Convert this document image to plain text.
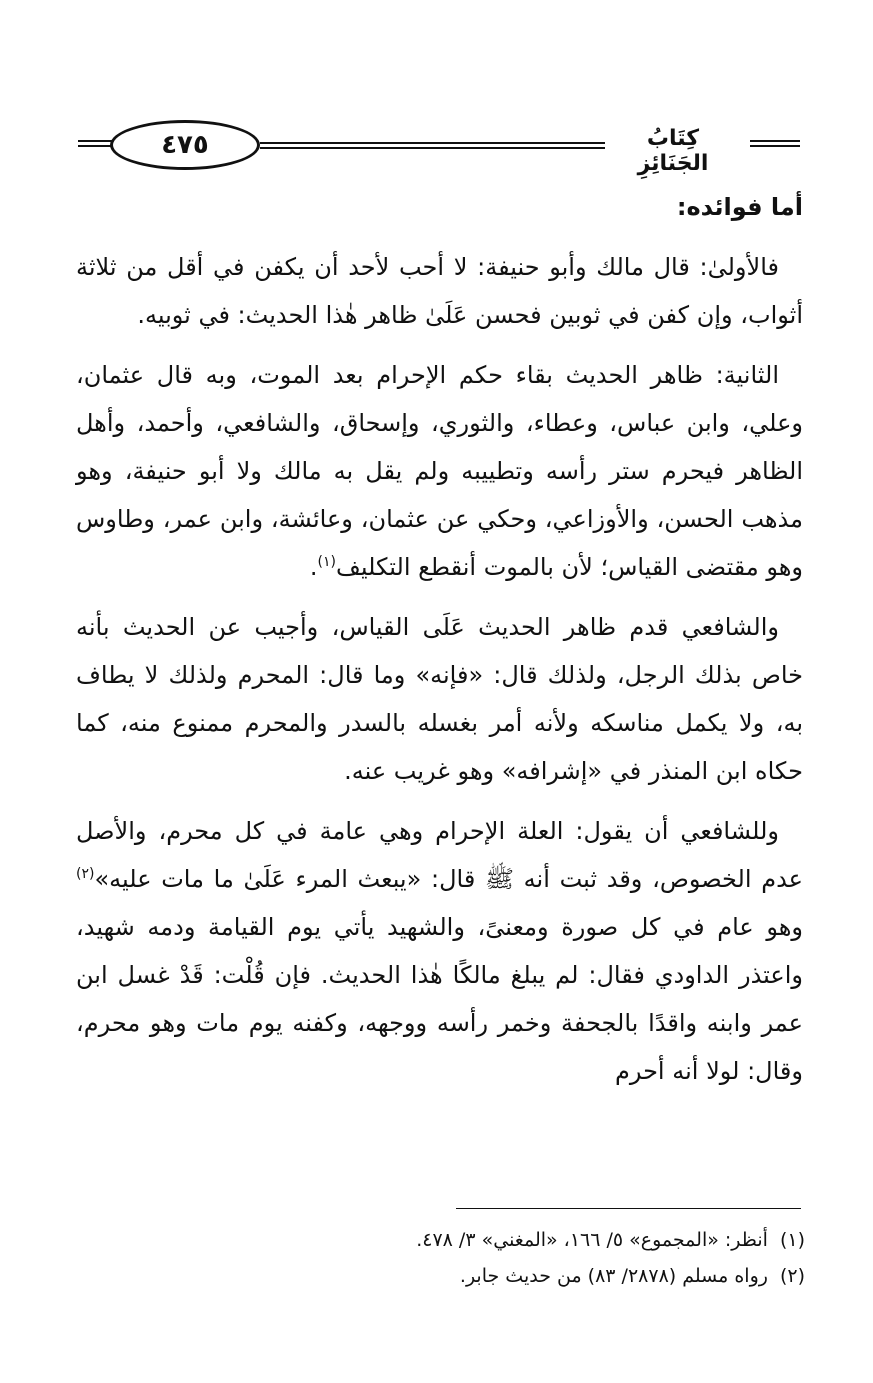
٤٧٥	كِتَابُ الجَنَائِزِ

أما فوائده:

فالأولىٰ: قال مالك وأبو حنيفة: لا أحب لأحد أن يكفن في أقل من ثلاثة أثواب، وإن كفن في ثوبين فحسن عَلَىٰ ظاهر هٰذا الحديث: في ثوبيه.

الثانية: ظاهر الحديث بقاء حكم الإحرام بعد الموت، وبه قال عثمان، وعلي، وابن عباس، وعطاء، والثوري، وإسحاق، والشافعي، وأحمد، وأهل الظاهر فيحرم ستر رأسه وتطييبه ولم يقل به مالك ولا أبو حنيفة، وهو مذهب الحسن، والأوزاعي، وحكي عن عثمان، وعائشة، وابن عمر، وطاوس وهو مقتضى القياس؛ لأن بالموت أنقطع التكليف$^{(١)}$.

والشافعي قدم ظاهر الحديث عَلَى القياس، وأجيب عن الحديث بأنه خاص بذلك الرجل، ولذلك قال: «فإنه» وما قال: المحرم ولذلك لا يطاف به، ولا يكمل مناسكه ولأنه أمر بغسله بالسدر والمحرم ممنوع منه، كما حكاه ابن المنذر في «إشرافه» وهو غريب عنه.

وللشافعي أن يقول: العلة الإحرام وهي عامة في كل محرم، والأصل عدم الخصوص، وقد ثبت أنه ﷺ قال: «يبعث المرء عَلَىٰ ما مات عليه»$^{(٢)}$ وهو عام في كل صورة ومعنىً، والشهيد يأتي يوم القيامة ودمه شهيد، واعتذر الداودي فقال: لم يبلغ مالكًا هٰذا الحديث. فإن قُلْت: قَدْ غسل ابن عمر وابنه واقدًا بالجحفة وخمر رأسه ووجهه، وكفنه يوم مات وهو محرم، وقال: لولا أنه أحرم

(١)أنظر: «المجموع» ٥/ ١٦٦، «المغني» ٣/ ٤٧٨.
(٢)رواه مسلم (٢٨٧٨/ ٨٣) من حديث جابر.
